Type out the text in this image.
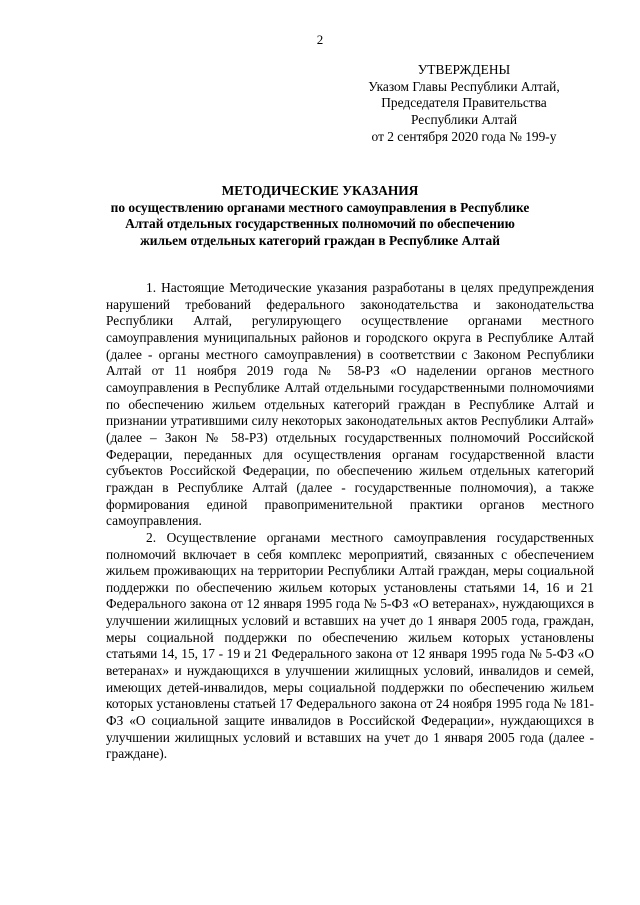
2
УТВЕРЖДЕНЫ
Указом Главы Республики Алтай,
Председателя Правительства
Республики Алтай
от 2 сентября 2020 года № 199-у
МЕТОДИЧЕСКИЕ УКАЗАНИЯ
по осуществлению органами местного самоуправления в Республике
Алтай отдельных государственных полномочий по обеспечению
жильем отдельных категорий граждан в Республике Алтай

1. Настоящие Методические указания разработаны в целях предупреждения нарушений требований федерального законодательства и законодательства Республики Алтай, регулирующего осуществление органами местного самоуправления муниципальных районов и городского округа в Республике Алтай (далее - органы местного самоуправления) в соответствии с Законом Республики Алтай от 11 ноября 2019 года № 58-РЗ «О наделении органов местного самоуправления в Республике Алтай отдельными государственными полномочиями по обеспечению жильем отдельных категорий граждан в Республике Алтай и признании утратившими силу некоторых законодательных актов Республики Алтай» (далее – Закон № 58-РЗ) отдельных государственных полномочий Российской Федерации, переданных для осуществления органам государственной власти субъектов Российской Федерации, по обеспечению жильем отдельных категорий граждан в Республике Алтай (далее - государственные полномочия), а также формирования единой правоприменительной практики органов местного самоуправления.

2. Осуществление органами местного самоуправления государственных полномочий включает в себя комплекс мероприятий, связанных с обеспечением жильем проживающих на территории Республики Алтай граждан, меры социальной поддержки по обеспечению жильем которых установлены статьями 14, 16 и 21 Федерального закона от 12 января 1995 года № 5-ФЗ «О ветеранах», нуждающихся в улучшении жилищных условий и вставших на учет до 1 января 2005 года, граждан, меры социальной поддержки по обеспечению жильем которых установлены статьями 14, 15, 17 - 19 и 21 Федерального закона от 12 января 1995 года № 5-ФЗ «О ветеранах» и нуждающихся в улучшении жилищных условий, инвалидов и семей, имеющих детей-инвалидов, меры социальной поддержки по обеспечению жильем которых установлены статьей 17 Федерального закона от 24 ноября 1995 года № 181-ФЗ «О социальной защите инвалидов в Российской Федерации», нуждающихся в улучшении жилищных условий и вставших на учет до 1 января 2005 года (далее - граждане).
